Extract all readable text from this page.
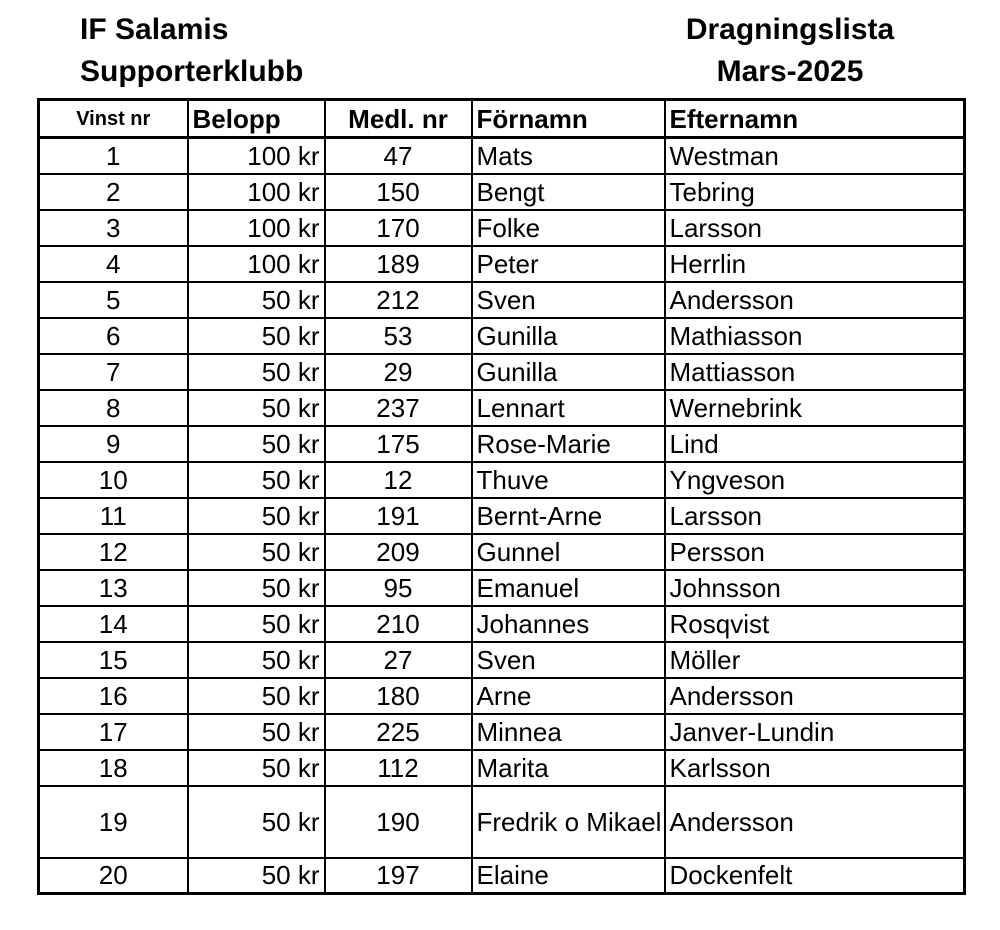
IF Salamis
Supporterklubb
Dragningslista
Mars-2025
Vinst nr	Belopp	Medl. nr	Förnamn	Efternamn
1	100 kr	47	Mats	Westman
2	100 kr	150	Bengt	Tebring
3	100 kr	170	Folke	Larsson
4	100 kr	189	Peter	Herrlin
5	50 kr	212	Sven	Andersson
6	50 kr	53	Gunilla	Mathiasson
7	50 kr	29	Gunilla	Mattiasson
8	50 kr	237	Lennart	Wernebrink
9	50 kr	175	Rose-Marie	Lind
10	50 kr	12	Thuve	Yngveson
11	50 kr	191	Bernt-Arne	Larsson
12	50 kr	209	Gunnel	Persson
13	50 kr	95	Emanuel	Johnsson
14	50 kr	210	Johannes	Rosqvist
15	50 kr	27	Sven	Möller
16	50 kr	180	Arne	Andersson
17	50 kr	225	Minnea	Janver-Lundin
18	50 kr	112	Marita	Karlsson
19	50 kr	190	Fredrik o Mikael	Andersson
20	50 kr	197	Elaine	Dockenfelt
